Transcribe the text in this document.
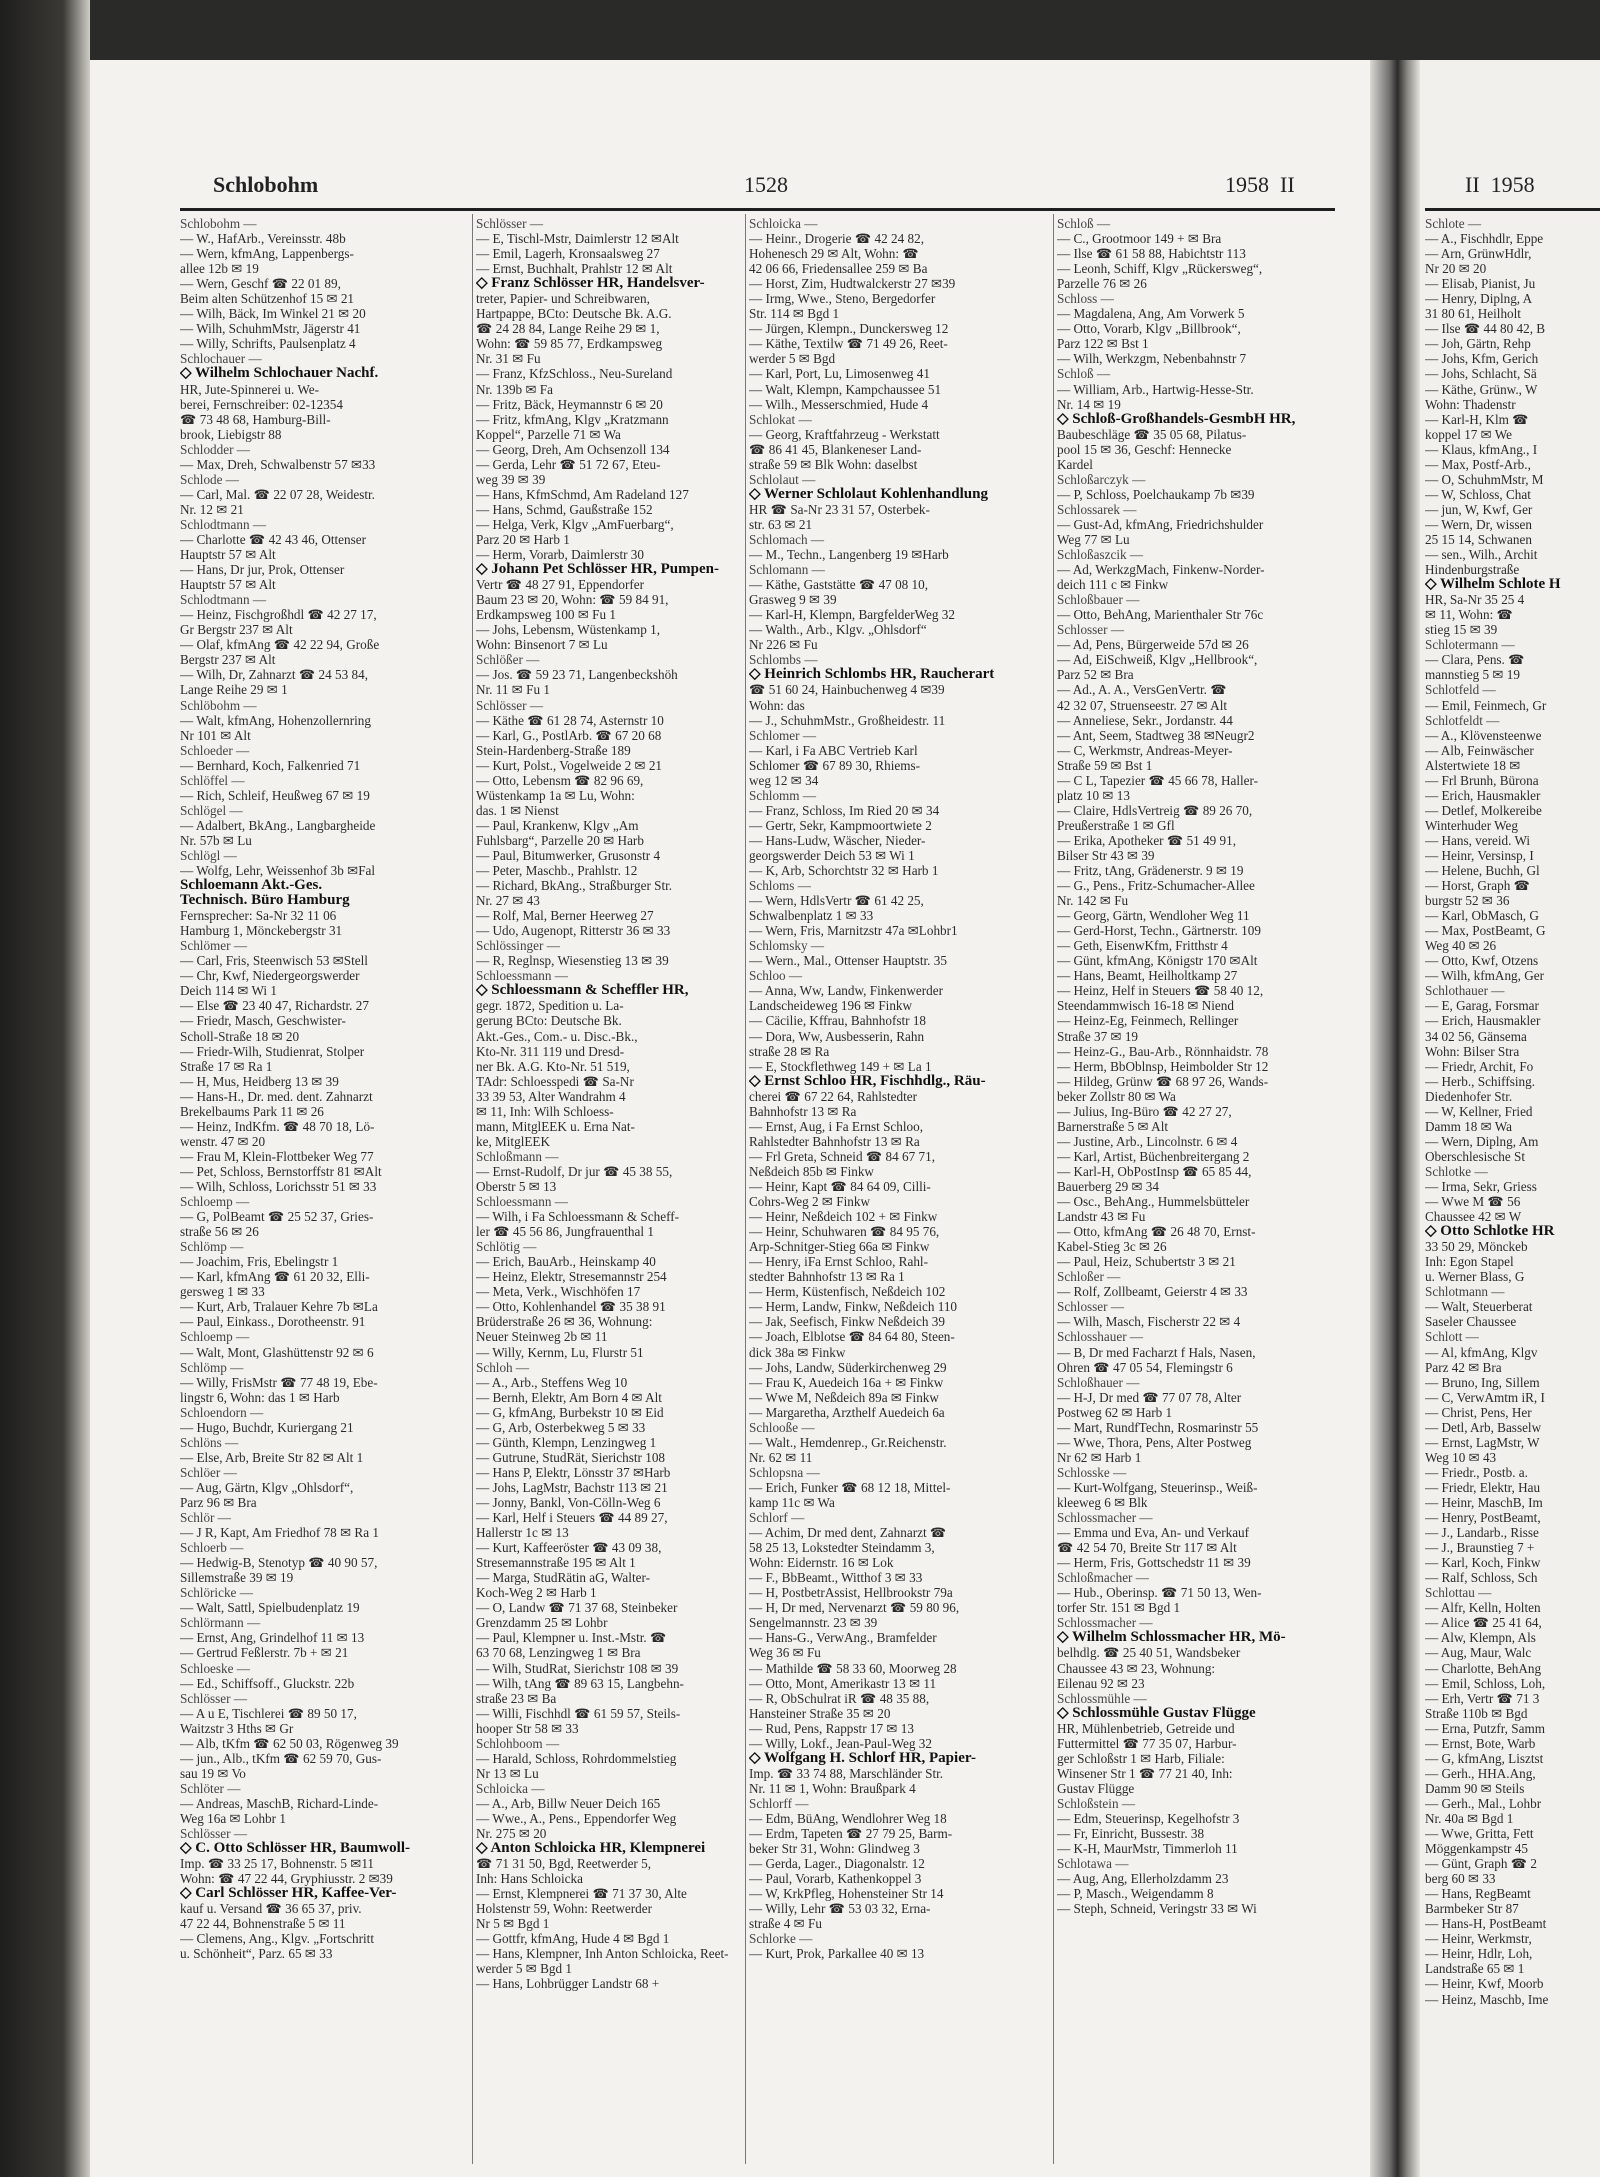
Schlobohm	1528	1958  II	II  1958
Schlobohm —
— W., HafArb., Vereinsstr. 48b
— Wern, kfmAng, Lappenbergs-
allee 12b ✉ 19
— Wern, Geschf ☎ 22 01 89,
Beim alten Schützenhof 15 ✉ 21
— Wilh, Bäck, Im Winkel 21 ✉ 20
— Wilh, SchuhmMstr, Jägerstr 41
— Willy, Schrifts, Paulsenplatz 4
Schlochauer —
◇ Wilhelm Schlochauer Nachf.
HR, Jute-Spinnerei u. We-
berei, Fernschreiber: 02-12354
☎ 73 48 68, Hamburg-Bill-
brook, Liebigstr 88
Schlodder —
— Max, Dreh, Schwalbenstr 57 ✉33
Schlode —
— Carl, Mal. ☎ 22 07 28, Weidestr.
Nr. 12 ✉ 21
Schlodtmann —
— Charlotte ☎ 42 43 46, Ottenser
Hauptstr 57 ✉ Alt
— Hans, Dr jur, Prok, Ottenser
Hauptstr 57 ✉ Alt
Schlodtmann —
— Heinz, Fischgroßhdl ☎ 42 27 17,
Gr Bergstr 237 ✉ Alt
— Olaf, kfmAng ☎ 42 22 94, Große
Bergstr 237 ✉ Alt
— Wilh, Dr, Zahnarzt ☎ 24 53 84,
Lange Reihe 29 ✉ 1
Schlöbohm —
— Walt, kfmAng, Hohenzollernring
Nr 101 ✉ Alt
Schloeder —
— Bernhard, Koch, Falkenried 71
Schlöffel —
— Rich, Schleif, Heußweg 67 ✉ 19
Schlögel —
— Adalbert, BkAng., Langbargheide
Nr. 57b ✉ Lu
Schlögl —
— Wolfg, Lehr, Weissenhof 3b ✉Fal
Schloemann Akt.-Ges.
Technisch. Büro Hamburg
Fernsprecher: Sa-Nr 32 11 06
Hamburg 1, Mönckebergstr 31
Schlömer —
— Carl, Fris, Steenwisch 53 ✉Stell
— Chr, Kwf, Niedergeorgswerder
Deich 114 ✉ Wi 1
— Else ☎ 23 40 47, Richardstr. 27
— Friedr, Masch, Geschwister-
Scholl-Straße 18 ✉ 20
— Friedr-Wilh, Studienrat, Stolper
Straße 17 ✉ Ra 1
— H, Mus, Heidberg 13 ✉ 39
— Hans-H., Dr. med. dent. Zahnarzt
Brekelbaums Park 11 ✉ 26
— Heinz, IndKfm. ☎ 48 70 18, Lö-
wenstr. 47 ✉ 20
— Frau M, Klein-Flottbeker Weg 77
— Pet, Schloss, Bernstorffstr 81 ✉Alt
— Wilh, Schloss, Lorichsstr 51 ✉ 33
Schloemp —
— G, PolBeamt ☎ 25 52 37, Gries-
straße 56 ✉ 26
Schlömp —
— Joachim, Fris, Ebelingstr 1
— Karl, kfmAng ☎ 61 20 32, Elli-
gersweg 1 ✉ 33
— Kurt, Arb, Tralauer Kehre 7b ✉La
— Paul, Einkass., Dorotheenstr. 91
Schloemp —
— Walt, Mont, Glashüttenstr 92 ✉ 6
Schlömp —
— Willy, FrisMstr ☎ 77 48 19, Ebe-
lingstr 6, Wohn: das 1 ✉ Harb
Schloendorn —
— Hugo, Buchdr, Kuriergang 21
Schlöns —
— Else, Arb, Breite Str 82 ✉ Alt 1
Schlöer —
— Aug, Gärtn, Klgv „Ohlsdorf“,
Parz 96 ✉ Bra
Schlör —
— J R, Kapt, Am Friedhof 78 ✉ Ra 1
Schloerb —
— Hedwig-B, Stenotyp ☎ 40 90 57,
Sillemstraße 39 ✉ 19
Schlöricke —
— Walt, Sattl, Spielbudenplatz 19
Schlörmann —
— Ernst, Ang, Grindelhof 11 ✉ 13
— Gertrud Feßlerstr. 7b + ✉ 21
Schloeske —
— Ed., Schiffsoff., Gluckstr. 22b
Schlösser —
— A u E, Tischlerei ☎ 89 50 17,
Waitzstr 3 Hths ✉ Gr
— Alb, tKfm ☎ 62 50 03, Rögenweg 39
— jun., Alb., tKfm ☎ 62 59 70, Gus-
sau 19 ✉ Vo
Schlöter —
— Andreas, MaschB, Richard-Linde-
Weg 16a ✉ Lohbr 1
Schlösser —
◇ C. Otto Schlösser HR, Baumwoll-
Imp. ☎ 33 25 17, Bohnenstr. 5 ✉11
Wohn: ☎ 47 22 44, Gryphiusstr. 2 ✉39
◇ Carl Schlösser HR, Kaffee-Ver-
kauf u. Versand ☎ 36 65 37, priv.
47 22 44, Bohnenstraße 5 ✉ 11
— Clemens, Ang., Klgv. „Fortschritt
u. Schönheit“, Parz. 65 ✉ 33
Schlösser —
— E, Tischl-Mstr, Daimlerstr 12 ✉Alt
— Emil, Lagerh, Kronsaalsweg 27
— Ernst, Buchhalt, Prahlstr 12 ✉ Alt
◇ Franz Schlösser HR, Handelsver-
treter, Papier- und Schreibwaren,
Hartpappe, BCto: Deutsche Bk. A.G.
☎ 24 28 84, Lange Reihe 29 ✉ 1,
Wohn: ☎ 59 85 77, Erdkampsweg
Nr. 31 ✉ Fu
— Franz, KfzSchloss., Neu-Sureland
Nr. 139b ✉ Fa
— Fritz, Bäck, Heymannstr 6 ✉ 20
— Fritz, kfmAng, Klgv „Kratzmann
Koppel“, Parzelle 71 ✉ Wa
— Georg, Dreh, Am Ochsenzoll 134
— Gerda, Lehr ☎ 51 72 67, Eteu-
weg 39 ✉ 39
— Hans, KfmSchmd, Am Radeland 127
— Hans, Schmd, Gaußstraße 152
— Helga, Verk, Klgv „AmFuerbarg“,
Parz 20 ✉ Harb 1
— Herm, Vorarb, Daimlerstr 30
◇ Johann Pet Schlösser HR, Pumpen-
Vertr ☎ 48 27 91, Eppendorfer
Baum 23 ✉ 20, Wohn: ☎ 59 84 91,
Erdkampsweg 100 ✉ Fu 1
— Johs, Lebensm, Wüstenkamp 1,
Wohn: Binsenort 7 ✉ Lu
Schlößer —
— Jos. ☎ 59 23 71, Langenbeckshöh
Nr. 11 ✉ Fu 1
Schlösser —
— Käthe ☎ 61 28 74, Asternstr 10
— Karl, G., PostlArb. ☎ 67 20 68
Stein-Hardenberg-Straße 189
— Kurt, Polst., Vogelweide 2 ✉ 21
— Otto, Lebensm ☎ 82 96 69,
Wüstenkamp 1a ✉ Lu, Wohn:
das. 1 ✉ Nienst
— Paul, Krankenw, Klgv „Am
Fuhlsbarg“, Parzelle 20 ✉ Harb
— Paul, Bitumwerker, Grusonstr 4
— Peter, Maschb., Prahlstr. 12
— Richard, BkAng., Straßburger Str.
Nr. 27 ✉ 43
— Rolf, Mal, Berner Heerweg 27
— Udo, Augenopt, Ritterstr 36 ✉ 33
Schlössinger —
— R, Reglnsp, Wiesenstieg 13 ✉ 39
Schloessmann —
◇ Schloessmann & Scheffler HR,
gegr. 1872, Spedition u. La-
gerung BCto: Deutsche Bk.
Akt.-Ges., Com.- u. Disc.-Bk.,
Kto-Nr. 311 119 und Dresd-
ner Bk. A.G. Kto-Nr. 51 519,
TAdr: Schloesspedi ☎ Sa-Nr
33 39 53, Alter Wandrahm 4
✉ 11, Inh: Wilh Schloess-
mann, MitglEEK u. Erna Nat-
ke, MitglEEK
Schloßmann —
— Ernst-Rudolf, Dr jur ☎ 45 38 55,
Oberstr 5 ✉ 13
Schloessmann —
— Wilh, i Fa Schloessmann & Scheff-
ler ☎ 45 56 86, Jungfrauenthal 1
Schlötig —
— Erich, BauArb., Heinskamp 40
— Heinz, Elektr, Stresemannstr 254
— Meta, Verk., Wischhöfen 17
— Otto, Kohlenhandel ☎ 35 38 91
Brüderstraße 26 ✉ 36, Wohnung:
Neuer Steinweg 2b ✉ 11
— Willy, Kernm, Lu, Flurstr 51
Schloh —
— A., Arb., Steffens Weg 10
— Bernh, Elektr, Am Born 4 ✉ Alt
— G, kfmAng, Burbekstr 10 ✉ Eid
— G, Arb, Osterbekweg 5 ✉ 33
— Günth, Klempn, Lenzingweg 1
— Gutrune, StudRät, Sierichstr 108
— Hans P, Elektr, Lönsstr 37 ✉Harb
— Johs, LagMstr, Bachstr 113 ✉ 21
— Jonny, Bankl, Von-Cölln-Weg 6
— Karl, Helf i Steuers ☎ 44 89 27,
Hallerstr 1c ✉ 13
— Kurt, Kaffeeröster ☎ 43 09 38,
Stresemannstraße 195 ✉ Alt 1
— Marga, StudRätin aG, Walter-
Koch-Weg 2 ✉ Harb 1
— O, Landw ☎ 71 37 68, Steinbeker
Grenzdamm 25 ✉ Lohbr
— Paul, Klempner u. Inst.-Mstr. ☎
63 70 68, Lenzingweg 1 ✉ Bra
— Wilh, StudRat, Sierichstr 108 ✉ 39
— Wilh, tAng ☎ 89 63 15, Langbehn-
straße 23 ✉ Ba
— Willi, Fischhdl ☎ 61 59 57, Steils-
hooper Str 58 ✉ 33
Schlohboom —
— Harald, Schloss, Rohrdommelstieg
Nr 13 ✉ Lu
Schloicka —
— A., Arb, Billw Neuer Deich 165
— Wwe., A., Pens., Eppendorfer Weg
Nr. 275 ✉ 20
◇ Anton Schloicka HR, Klempnerei
☎ 71 31 50, Bgd, Reetwerder 5,
Inh: Hans Schloicka
— Ernst, Klempnerei ☎ 71 37 30, Alte
Holstenstr 59, Wohn: Reetwerder
Nr 5 ✉ Bgd 1
— Gottfr, kfmAng, Hude 4 ✉ Bgd 1
— Hans, Klempner, Inh Anton Schloicka, Reet-
werder 5 ✉ Bgd 1
— Hans, Lohbrügger Landstr 68 +
Schloicka —
— Heinr., Drogerie ☎ 42 24 82,
Hohenesch 29 ✉ Alt, Wohn: ☎
42 06 66, Friedensallee 259 ✉ Ba
— Horst, Zim, Hudtwalckerstr 27 ✉39
— Irmg, Wwe., Steno, Bergedorfer
Str. 114 ✉ Bgd 1
— Jürgen, Klempn., Dunckersweg 12
— Käthe, Textilw ☎ 71 49 26, Reet-
werder 5 ✉ Bgd
— Karl, Port, Lu, Limosenweg 41
— Walt, Klempn, Kampchaussee 51
— Wilh., Messerschmied, Hude 4
Schlokat —
— Georg, Kraftfahrzeug - Werkstatt
☎ 86 41 45, Blankeneser Land-
straße 59 ✉ Blk Wohn: daselbst
Schlolaut —
◇ Werner Schlolaut Kohlenhandlung
HR ☎ Sa-Nr 23 31 57, Osterbek-
str. 63 ✉ 21
Schlomach —
— M., Techn., Langenberg 19 ✉Harb
Schlomann —
— Käthe, Gaststätte ☎ 47 08 10,
Grasweg 9 ✉ 39
— Karl-H, Klempn, BargfelderWeg 32
— Walth., Arb., Klgv. „Ohlsdorf“
Nr 226 ✉ Fu
Schlombs —
◇ Heinrich Schlombs HR, Raucherart
☎ 51 60 24, Hainbuchenweg 4 ✉39
Wohn: das
— J., SchuhmMstr., Großheidestr. 11
Schlomer —
— Karl, i Fa ABC Vertrieb Karl
Schlomer ☎ 67 89 30, Rhiems-
weg 12 ✉ 34
Schlomm —
— Franz, Schloss, Im Ried 20 ✉ 34
— Gertr, Sekr, Kampmoortwiete 2
— Hans-Ludw, Wäscher, Nieder-
georgswerder Deich 53 ✉ Wi 1
— K, Arb, Schorchtstr 32 ✉ Harb 1
Schloms —
— Wern, HdlsVertr ☎ 61 42 25,
Schwalbenplatz 1 ✉ 33
— Wern, Fris, Marnitzstr 47a ✉Lohbr1
Schlomsky —
— Wern., Mal., Ottenser Hauptstr. 35
Schloo —
— Anna, Ww, Landw, Finkenwerder
Landscheideweg 196 ✉ Finkw
— Cäcilie, Kffrau, Bahnhofstr 18
— Dora, Ww, Ausbesserin, Rahn
straße 28 ✉ Ra
— E, Stockflethweg 149 + ✉ La 1
◇ Ernst Schloo HR, Fischhdlg., Räu-
cherei ☎ 67 22 64, Rahlstedter
Bahnhofstr 13 ✉ Ra
— Ernst, Aug, i Fa Ernst Schloo,
Rahlstedter Bahnhofstr 13 ✉ Ra
— Frl Greta, Schneid ☎ 84 67 71,
Neßdeich 85b ✉ Finkw
— Heinr, Kapt ☎ 84 64 09, Cilli-
Cohrs-Weg 2 ✉ Finkw
— Heinr, Neßdeich 102 + ✉ Finkw
— Heinr, Schuhwaren ☎ 84 95 76,
Arp-Schnitger-Stieg 66a ✉ Finkw
— Henry, iFa Ernst Schloo, Rahl-
stedter Bahnhofstr 13 ✉ Ra 1
— Herm, Küstenfisch, Neßdeich 102
— Herm, Landw, Finkw, Neßdeich 110
— Jak, Seefisch, Finkw Neßdeich 39
— Joach, Elblotse ☎ 84 64 80, Steen-
dick 38a ✉ Finkw
— Johs, Landw, Süderkirchenweg 29
— Frau K, Auedeich 16a + ✉ Finkw
— Wwe M, Neßdeich 89a ✉ Finkw
— Margaretha, Arzthelf Auedeich 6a
Schlooße —
— Walt., Hemdenrep., Gr.Reichenstr.
Nr. 62 ✉ 11
Schlopsna —
— Erich, Funker ☎ 68 12 18, Mittel-
kamp 11c ✉ Wa
Schlorf —
— Achim, Dr med dent, Zahnarzt ☎
58 25 13, Lokstedter Steindamm 3,
Wohn: Eidernstr. 16 ✉ Lok
— F., BbBeamt., Witthof 3 ✉ 33
— H, PostbetrAssist, Hellbrookstr 79a
— H, Dr med, Nervenarzt ☎ 59 80 96,
Sengelmannstr. 23 ✉ 39
— Hans-G., VerwAng., Bramfelder
Weg 36 ✉ Fu
— Mathilde ☎ 58 33 60, Moorweg 28
— Otto, Mont, Amerikastr 13 ✉ 11
— R, ObSchulrat iR ☎ 48 35 88,
Hansteiner Straße 35 ✉ 20
— Rud, Pens, Rappstr 17 ✉ 13
— Willy, Lokf., Jean-Paul-Weg 32
◇ Wolfgang H. Schlorf HR, Papier-
Imp. ☎ 33 74 88, Marschländer Str.
Nr. 11 ✉ 1, Wohn: Braußpark 4
Schlorff —
— Edm, BüAng, Wendlohrer Weg 18
— Erdm, Tapeten ☎ 27 79 25, Barm-
beker Str 31, Wohn: Glindweg 3
— Gerda, Lager., Diagonalstr. 12
— Paul, Vorarb, Kathenkoppel 3
— W, KrkPfleg, Hohensteiner Str 14
— Willy, Lehr ☎ 53 03 32, Erna-
straße 4 ✉ Fu
Schlorke —
— Kurt, Prok, Parkallee 40 ✉ 13
Schloß —
— C., Grootmoor 149 + ✉ Bra
— Ilse ☎ 61 58 88, Habichtstr 113
— Leonh, Schiff, Klgv „Rückersweg“,
Parzelle 76 ✉ 26
Schloss —
— Magdalena, Ang, Am Vorwerk 5
— Otto, Vorarb, Klgv „Billbrook“,
Parz 122 ✉ Bst 1
— Wilh, Werkzgm, Nebenbahnstr 7
Schloß —
— William, Arb., Hartwig-Hesse-Str.
Nr. 14 ✉ 19
◇ Schloß-Großhandels-GesmbH HR,
Baubeschläge ☎ 35 05 68, Pilatus-
pool 15 ✉ 36, Geschf: Hennecke
Kardel
Schloßarczyk —
— P, Schloss, Poelchaukamp 7b ✉39
Schlossarek —
— Gust-Ad, kfmAng, Friedrichshulder
Weg 77 ✉ Lu
Schloßaszcik —
— Ad, WerkzgMach, Finkenw-Norder-
deich 111 c ✉ Finkw
Schloßbauer —
— Otto, BehAng, Marienthaler Str 76c
Schlosser —
— Ad, Pens, Bürgerweide 57d ✉ 26
— Ad, EiSchweiß, Klgv „Hellbrook“,
Parz 52 ✉ Bra
— Ad., A. A., VersGenVertr. ☎
42 32 07, Struenseestr. 27 ✉ Alt
— Anneliese, Sekr., Jordanstr. 44
— Ant, Seem, Stadtweg 38 ✉Neugr2
— C, Werkmstr, Andreas-Meyer-
Straße 59 ✉ Bst 1
— C L, Tapezier ☎ 45 66 78, Haller-
platz 10 ✉ 13
— Claire, HdlsVertreig ☎ 89 26 70,
Preußerstraße 1 ✉ Gfl
— Erika, Apotheker ☎ 51 49 91,
Bilser Str 43 ✉ 39
— Fritz, tAng, Grädenerstr. 9 ✉ 19
— G., Pens., Fritz-Schumacher-Allee
Nr. 142 ✉ Fu
— Georg, Gärtn, Wendloher Weg 11
— Gerd-Horst, Techn., Gärtnerstr. 109
— Geth, EisenwKfm, Fritthstr 4
— Günt, kfmAng, Königstr 170 ✉Alt
— Hans, Beamt, Heilholtkamp 27
— Heinz, Helf in Steuers ☎ 58 40 12,
Steendammwisch 16-18 ✉ Niend
— Heinz-Eg, Feinmech, Rellinger
Straße 37 ✉ 19
— Heinz-G., Bau-Arb., Rönnhaidstr. 78
— Herm, BbOblnsp, Heimbolder Str 12
— Hildeg, Grünw ☎ 68 97 26, Wands-
beker Zollstr 80 ✉ Wa
— Julius, Ing-Büro ☎ 42 27 27,
Barnerstraße 5 ✉ Alt
— Justine, Arb., Lincolnstr. 6 ✉ 4
— Karl, Artist, Büchenbreitergang 2
— Karl-H, ObPostInsp ☎ 65 85 44,
Bauerberg 29 ✉ 34
— Osc., BehAng., Hummelsbütteler
Landstr 43 ✉ Fu
— Otto, kfmAng ☎ 26 48 70, Ernst-
Kabel-Stieg 3c ✉ 26
— Paul, Heiz, Schubertstr 3 ✉ 21
Schloßer —
— Rolf, Zollbeamt, Geierstr 4 ✉ 33
Schlosser —
— Wilh, Masch, Fischerstr 22 ✉ 4
Schlosshauer —
— B, Dr med Facharzt f Hals, Nasen,
Ohren ☎ 47 05 54, Flemingstr 6
Schloßhauer —
— H-J, Dr med ☎ 77 07 78, Alter
Postweg 62 ✉ Harb 1
— Mart, RundfTechn, Rosmarinstr 55
— Wwe, Thora, Pens, Alter Postweg
Nr 62 ✉ Harb 1
Schlosske —
— Kurt-Wolfgang, Steuerinsp., Weiß-
kleeweg 6 ✉ Blk
Schlossmacher —
— Emma und Eva, An- und Verkauf
☎ 42 54 70, Breite Str 117 ✉ Alt
— Herm, Fris, Gottschedstr 11 ✉ 39
Schloßmacher —
— Hub., Oberinsp. ☎ 71 50 13, Wen-
torfer Str. 151 ✉ Bgd 1
Schlossmacher —
◇ Wilhelm Schlossmacher HR, Mö-
belhdlg. ☎ 25 40 51, Wandsbeker
Chaussee 43 ✉ 23, Wohnung:
Eilenau 92 ✉ 23
Schlossmühle —
◇ Schlossmühle Gustav Flügge
HR, Mühlenbetrieb, Getreide und
Futtermittel ☎ 77 35 07, Harbur-
ger Schloßstr 1 ✉ Harb, Filiale:
Winsener Str 1 ☎ 77 21 40, Inh:
Gustav Flügge
Schloßstein —
— Edm, Steuerinsp, Kegelhofstr 3
— Fr, Einricht, Bussestr. 38
— K-H, MaurMstr, Timmerloh 11
Schlotawa —
— Aug, Ang, Ellerholzdamm 23
— P, Masch., Weigendamm 8
— Steph, Schneid, Veringstr 33 ✉ Wi
Schlote —
— A., Fischhdlr, Eppe
— Arn, GrünwHdlr,
Nr 20 ✉ 20
— Elisab, Pianist, Ju
— Henry, Diplng, A
31 80 61, Heilholt
— Ilse ☎ 44 80 42, B
— Joh, Gärtn, Rehp
— Johs, Kfm, Gerich
— Johs, Schlacht, Sä
— Käthe, Grünw., W
Wohn: Thadenstr
— Karl-H, Klm ☎
koppel 17 ✉ We
— Klaus, kfmAng., I
— Max, Postf-Arb.,
— O, SchuhmMstr, M
— W, Schloss, Chat
— jun, W, Kwf, Ger
— Wern, Dr, wissen
25 15 14, Schwanen
— sen., Wilh., Archit
Hindenburgstraße
◇ Wilhelm Schlote H
HR, Sa-Nr 35 25 4
✉ 11, Wohn: ☎
stieg 15 ✉ 39
Schlotermann —
— Clara, Pens. ☎
mannstieg 5 ✉ 19
Schlotfeld —
— Emil, Feinmech, Gr
Schlotfeldt —
— A., Klövensteenwe
— Alb, Feinwäscher
Alstertwiete 18 ✉
— Frl Brunh, Bürona
— Erich, Hausmakler
— Detlef, Molkereibe
Winterhuder Weg
— Hans, vereid. Wi
— Heinr, Versinsp, I
— Helene, Buchh, Gl
— Horst, Graph ☎
burgstr 52 ✉ 36
— Karl, ObMasch, G
— Max, PostBeamt, G
Weg 40 ✉ 26
— Otto, Kwf, Otzens
— Wilh, kfmAng, Ger
Schlothauer —
— E, Garag, Forsmar
— Erich, Hausmakler
34 02 56, Gänsema
Wohn: Bilser Stra
— Friedr, Archit, Fo
— Herb., Schiffsing.
Diedenhofer Str.
— W, Kellner, Fried
Damm 18 ✉ Wa
— Wern, Diplng, Am
Oberschlesische St
Schlotke —
— Irma, Sekr, Griess
— Wwe M ☎ 56
Chaussee 42 ✉ W
◇ Otto Schlotke HR
33 50 29, Mönckeb
Inh: Egon Stapel
u. Werner Blass, G
Schlotmann —
— Walt, Steuerberat
Saseler Chaussee
Schlott —
— Al, kfmAng, Klgv
Parz 42 ✉ Bra
— Bruno, Ing, Sillem
— C, VerwAmtm iR, I
— Christ, Pens, Her
— Detl, Arb, Basselw
— Ernst, LagMstr, W
Weg 10 ✉ 43
— Friedr., Postb. a.
— Friedr, Elektr, Hau
— Heinr, MaschB, Im
— Henry, PostBeamt,
— J., Landarb., Risse
— J., Braunstieg 7 +
— Karl, Koch, Finkw
— Ralf, Schloss, Sch
Schlottau —
— Alfr, Kelln, Holten
— Alice ☎ 25 41 64,
— Alw, Klempn, Als
— Aug, Maur, Walc
— Charlotte, BehAng
— Emil, Schloss, Loh,
— Erh, Vertr ☎ 71 3
Straße 110b ✉ Bgd
— Erna, Putzfr, Samm
— Ernst, Bote, Warb
— G, kfmAng, Lisztst
— Gerh., HHA.Ang,
Damm 90 ✉ Steils
— Gerh., Mal., Lohbr
Nr. 40a ✉ Bgd 1
— Wwe, Gritta, Fett
Möggenkampstr 45
— Günt, Graph ☎ 2
berg 60 ✉ 33
— Hans, RegBeamt
Barmbeker Str 87
— Hans-H, PostBeamt
— Heinr, Werkmstr,
— Heinr, Hdlr, Loh,
Landstraße 65 ✉ 1
— Heinr, Kwf, Moorb
— Heinz, Maschb, Ime
